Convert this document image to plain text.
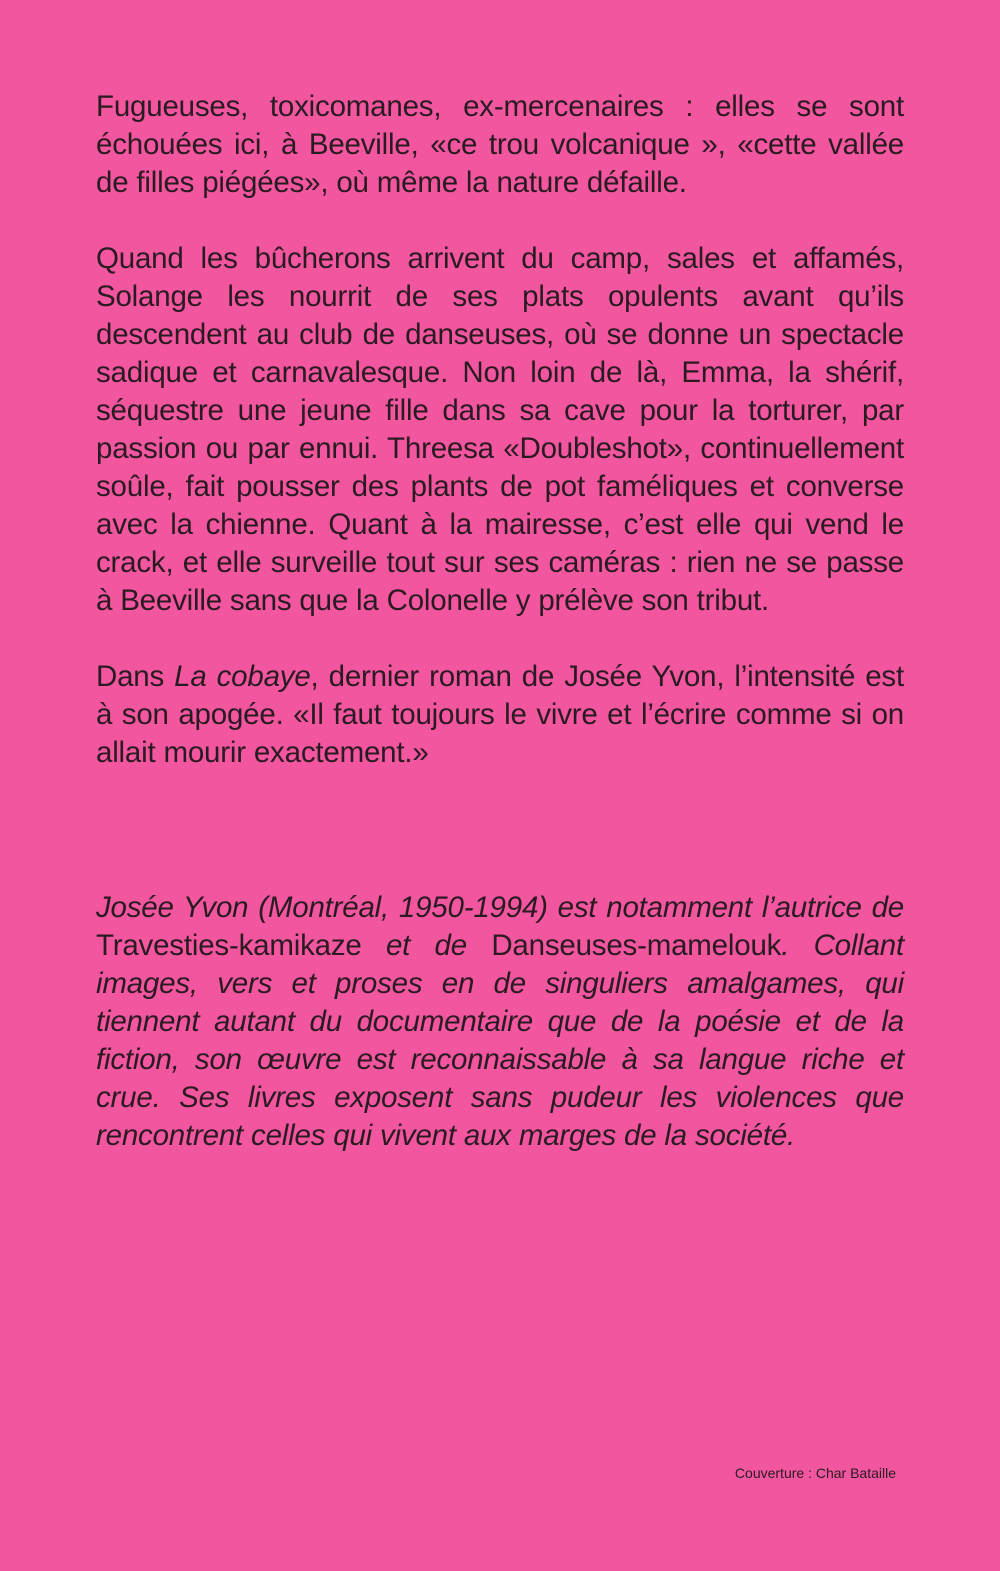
Fugueuses, toxicomanes, ex-mercenaires : elles se sont échouées ici, à Beeville, «ce trou volcanique », «cette vallée de filles piégées», où même la nature défaille.

Quand les bûcherons arrivent du camp, sales et affamés, Solange les nourrit de ses plats opulents avant qu’ils descendent au club de danseuses, où se donne un spectacle sadique et carnavalesque. Non loin de là, Emma, la shérif, séquestre une jeune fille dans sa cave pour la torturer, par passion ou par ennui. Threesa «Doubleshot», continuellement soûle, fait pousser des plants de pot faméliques et converse avec la chienne. Quant à la mairesse, c’est elle qui vend le crack, et elle surveille tout sur ses caméras : rien ne se passe à Beeville sans que la Colonelle y prélève son tribut.

Dans La cobaye, dernier roman de Josée Yvon, l’intensité est à son apogée. «Il faut toujours le vivre et l’écrire comme si on allait mourir exactement.»

Josée Yvon (Montréal, 1950-1994) est notamment l’autrice de Travesties-kamikaze et de Danseuses-mamelouk. Collant images, vers et proses en de singuliers amalgames, qui tiennent autant du documentaire que de la poésie et de la fiction, son œuvre est reconnaissable à sa langue riche et crue. Ses livres exposent sans pudeur les violences que rencontrent celles qui vivent aux marges de la société.

Couverture : Char Bataille
